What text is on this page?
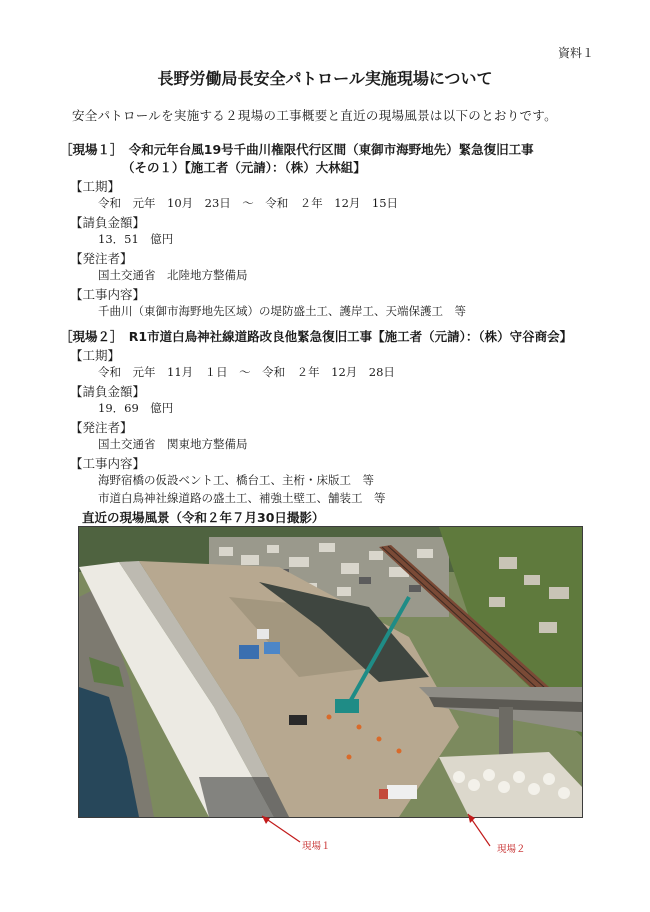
資料１
長野労働局長安全パトロール実施現場について
安全パトロールを実施する２現場の工事概要と直近の現場風景は以下のとおりです。
［現場１］　令和元年台風19号千曲川権限代行区間（東御市海野地先）緊急復旧工事
（その１）【施工者（元請）：（株）大林組】
【工期】
令和　元年　10月　23日　～　令和　２年　12月　15日
【請負金額】
13．51　億円
【発注者】
国土交通省　北陸地方整備局
【工事内容】
千曲川（東御市海野地先区域）の堤防盛土工、護岸工、天端保護工　等
［現場２］　R1市道白鳥神社線道路改良他緊急復旧工事【施工者（元請）：（株）守谷商会】
【工期】
令和　元年　11月　１日　～　令和　２年　12月　28日
【請負金額】
19．69　億円
【発注者】
国土交通省　関東地方整備局
【工事内容】
海野宿橋の仮設ベント工、橋台工、主桁・床版工　等
市道白鳥神社線道路の盛土工、補強土壁工、舗装工　等
直近の現場風景（令和２年７月30日撮影）
現場１	現場２
